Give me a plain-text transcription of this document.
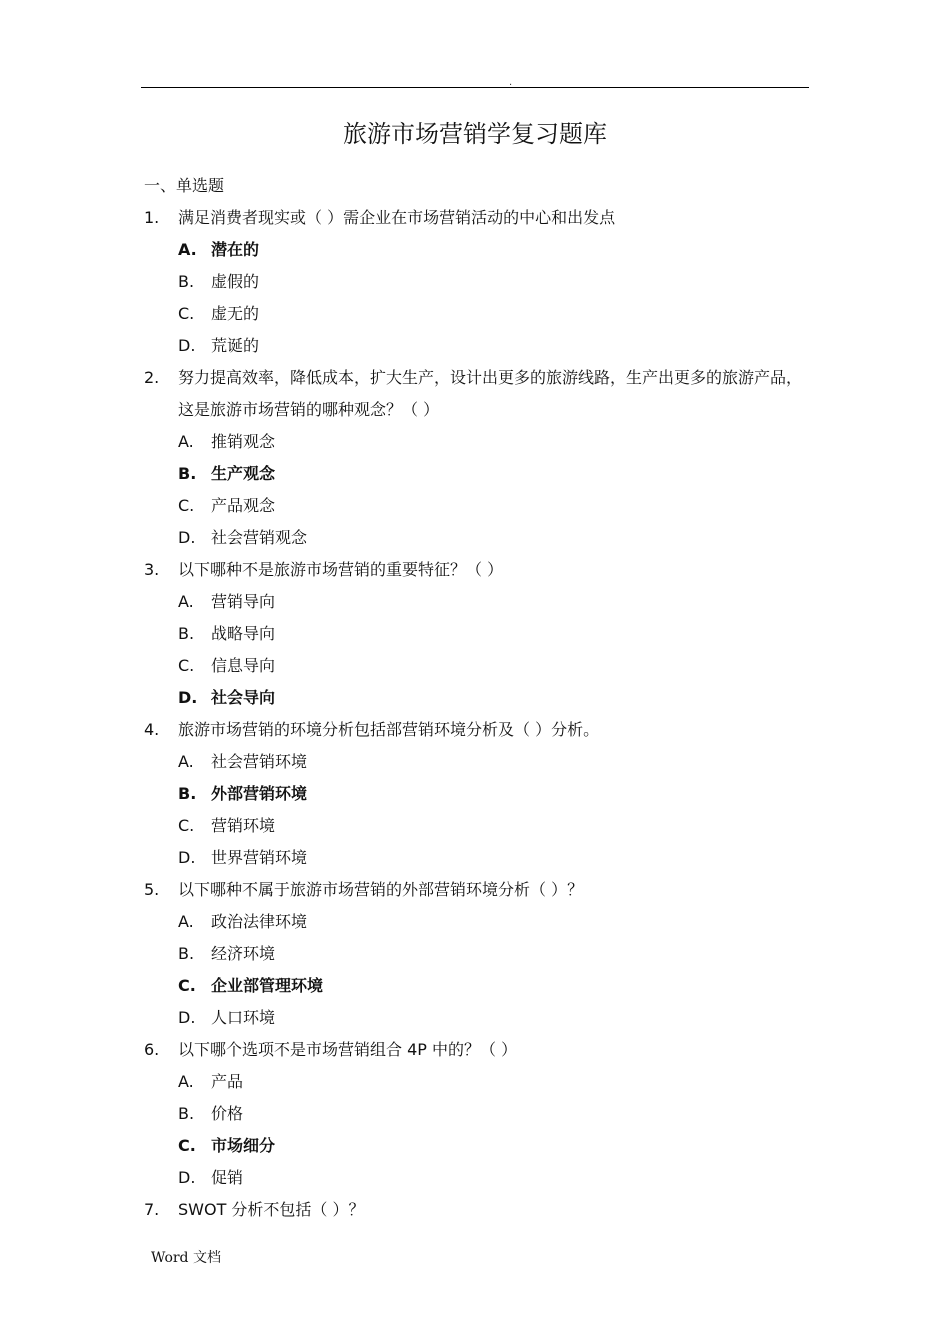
.
旅游市场营销学复习题库
一、单选题
1. 满足消费者现实或（ ）需企业在市场营销活动的中心和出发点
A. 潜在的
B. 虚假的
C. 虚无的
D. 荒诞的
2. 努力提高效率，降低成本，扩大生产，设计出更多的旅游线路，生产出更多的旅游产品，
这是旅游市场营销的哪种观念？（ ）
A. 推销观念
B. 生产观念
C. 产品观念
D. 社会营销观念
3. 以下哪种不是旅游市场营销的重要特征？（ ）
A. 营销导向
B. 战略导向
C. 信息导向
D. 社会导向
4. 旅游市场营销的环境分析包括部营销环境分析及（ ）分析。
A. 社会营销环境
B. 外部营销环境
C. 营销环境
D. 世界营销环境
5. 以下哪种不属于旅游市场营销的外部营销环境分析（ ）？
A. 政治法律环境
B. 经济环境
C. 企业部管理环境
D. 人口环境
6. 以下哪个选项不是市场营销组合 4P 中的？（ ）
A. 产品
B. 价格
C. 市场细分
D. 促销
7. SWOT 分析不包括（ ）？
Word 文档
